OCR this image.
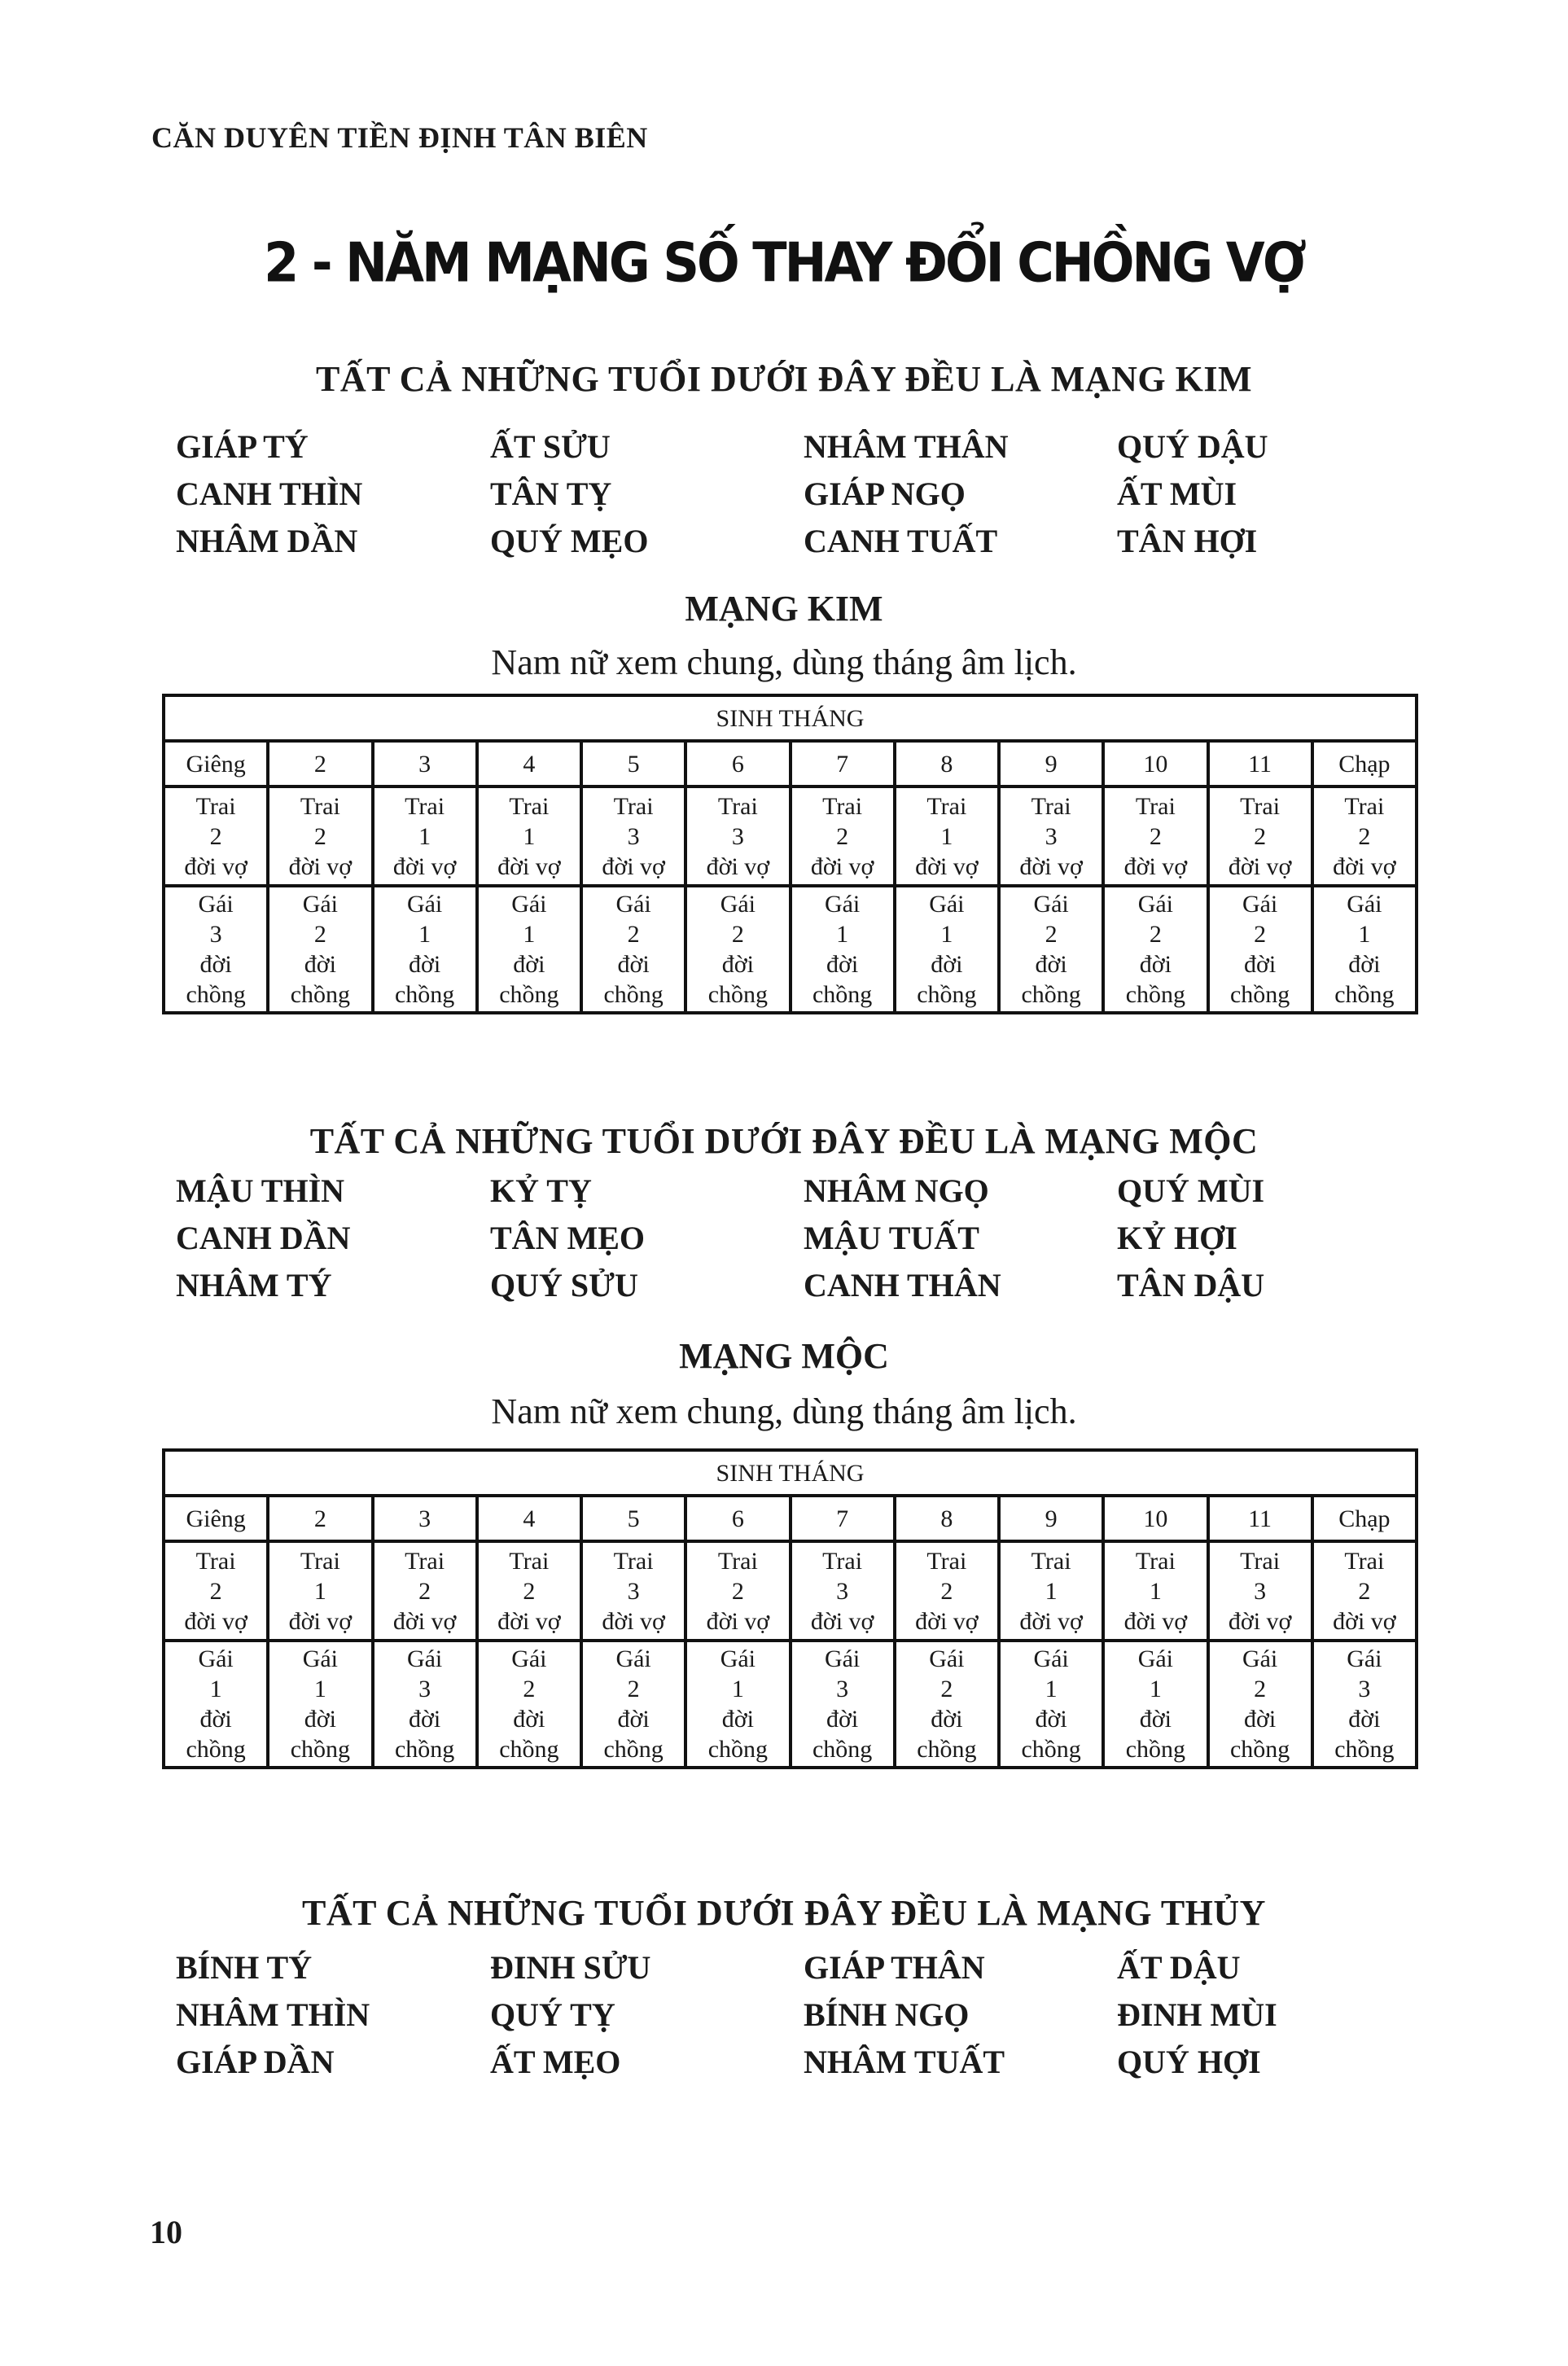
CĂN DUYÊN TIỀN ĐỊNH TÂN BIÊN
2 - NĂM MẠNG SỐ THAY ĐỔI CHỒNG VỢ
TẤT CẢ NHỮNG TUỔI DƯỚI ĐÂY ĐỀU LÀ MẠNG KIM
GIÁP TÝ	ẤT SỬU	NHÂM THÂN	QUÝ DẬU
CANH THÌN	TÂN TỴ	GIÁP NGỌ	ẤT MÙI
NHÂM DẦN	QUÝ MẸO	CANH TUẤT	TÂN HỢI
MẠNG KIM
Nam nữ xem chung, dùng tháng âm lịch.
SINH THÁNG											
Giêng	2	3	4	5	6	7	8	9	10	11	Chạp

Trai
2
đời vợ	Trai
2
đời vợ	Trai
1
đời vợ	Trai
1
đời vợ	Trai
3
đời vợ	Trai
3
đời vợ	Trai
2
đời vợ	Trai
1
đời vợ	Trai
3
đời vợ	Trai
2
đời vợ	Trai
2
đời vợ	Trai
2
đời vợ

Gái
3
đời
chồng	Gái
2
đời
chồng	Gái
1
đời
chồng	Gái
1
đời
chồng	Gái
2
đời
chồng	Gái
2
đời
chồng	Gái
1
đời
chồng	Gái
1
đời
chồng	Gái
2
đời
chồng	Gái
2
đời
chồng	Gái
2
đời
chồng	Gái
1
đời
chồng
TẤT CẢ NHỮNG TUỔI DƯỚI ĐÂY ĐỀU LÀ MẠNG MỘC
MẬU THÌN	KỶ TỴ	NHÂM NGỌ	QUÝ MÙI
CANH DẦN	TÂN MẸO	MẬU TUẤT	KỶ HỢI
NHÂM TÝ	QUÝ SỬU	CANH THÂN	TÂN DẬU
MẠNG MỘC
Nam nữ xem chung, dùng tháng âm lịch.
SINH THÁNG											
Giêng	2	3	4	5	6	7	8	9	10	11	Chạp

Trai
2
đời vợ	Trai
1
đời vợ	Trai
2
đời vợ	Trai
2
đời vợ	Trai
3
đời vợ	Trai
2
đời vợ	Trai
3
đời vợ	Trai
2
đời vợ	Trai
1
đời vợ	Trai
1
đời vợ	Trai
3
đời vợ	Trai
2
đời vợ

Gái
1
đời
chồng	Gái
1
đời
chồng	Gái
3
đời
chồng	Gái
2
đời
chồng	Gái
2
đời
chồng	Gái
1
đời
chồng	Gái
3
đời
chồng	Gái
2
đời
chồng	Gái
1
đời
chồng	Gái
1
đời
chồng	Gái
2
đời
chồng	Gái
3
đời
chồng
TẤT CẢ NHỮNG TUỔI DƯỚI ĐÂY ĐỀU LÀ MẠNG THỦY
BÍNH TÝ	ĐINH SỬU	GIÁP THÂN	ẤT DẬU
NHÂM THÌN	QUÝ TỴ	BÍNH NGỌ	ĐINH MÙI
GIÁP DẦN	ẤT MẸO	NHÂM TUẤT	QUÝ HỢI
10
